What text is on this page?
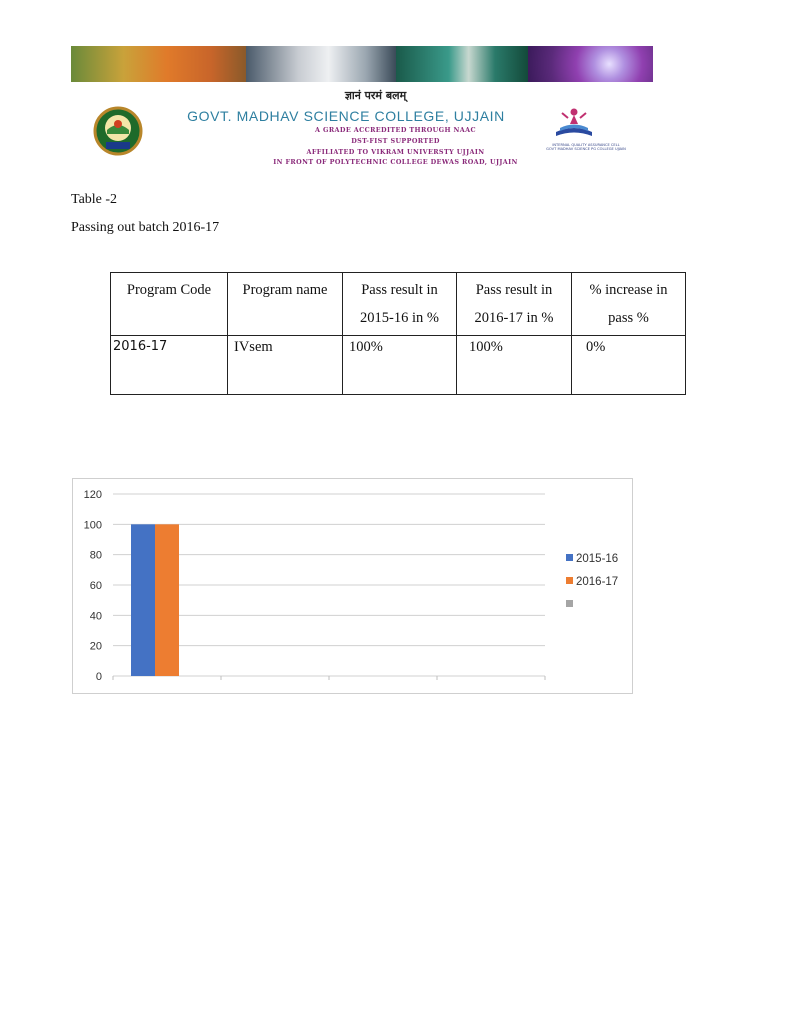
ज्ञानं परमं बलम्
GOVT. MADHAV SCIENCE COLLEGE, UJJAIN
A GRADE ACCREDITED THROUGH NAAC
DST-FIST SUPPORTED
AFFILIATED TO VIKRAM UNIVERSTY UJJAIN
IN FRONT OF POLYTECHNIC COLLEGE DEWAS ROAD, UJJAIN
INTERNAL QUALITY ASSURANCE CELL
GOVT MADHAV SCIENCE PG COLLEGE UJJAIN
Table -2
Passing out batch 2016-17
Program Code	Program name	Pass result in 2015-16 in %	Pass result in 2016-17 in %	% increase in pass %
2016-17	IVsem	100%	100%	0%
0
20
40
60
80
100
120
2015-16
2016-17
